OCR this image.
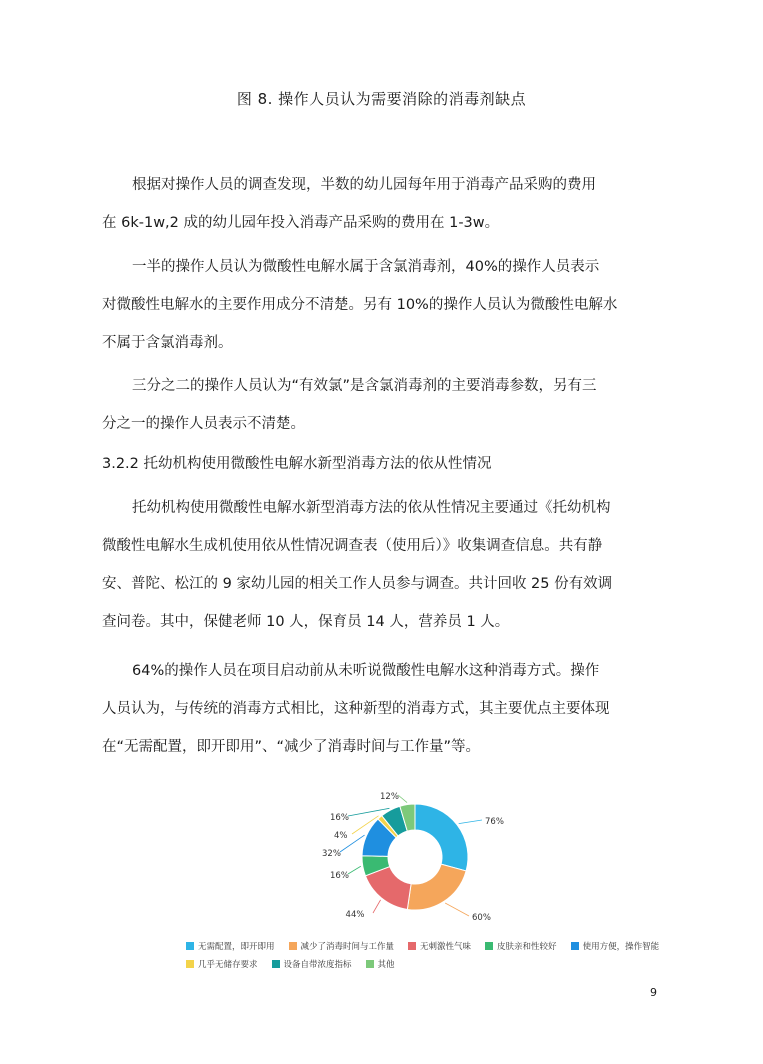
图 8. 操作人员认为需要消除的消毒剂缺点

根据对操作人员的调查发现，半数的幼儿园每年用于消毒产品采购的费用
在 6k-1w,2 成的幼儿园年投入消毒产品采购的费用在 1-3w。

一半的操作人员认为微酸性电解水属于含氯消毒剂，40%的操作人员表示
对微酸性电解水的主要作用成分不清楚。另有 10%的操作人员认为微酸性电解水
不属于含氯消毒剂。

三分之二的操作人员认为“有效氯”是含氯消毒剂的主要消毒参数，另有三
分之一的操作人员表示不清楚。

3.2.2 托幼机构使用微酸性电解水新型消毒方法的依从性情况

托幼机构使用微酸性电解水新型消毒方法的依从性情况主要通过《托幼机构
微酸性电解水生成机使用依从性情况调查表（使用后）》收集调查信息。共有静
安、普陀、松江的 9 家幼儿园的相关工作人员参与调查。共计回收 25 份有效调
查问卷。其中，保健老师 10 人，保育员 14 人，营养员 1 人。

64%的操作人员在项目启动前从未听说微酸性电解水这种消毒方式。操作
人员认为，与传统的消毒方式相比，这种新型的消毒方式，其主要优点主要体现
在“无需配置，即开即用”、“减少了消毒时间与工作量”等。

76%
60%
44%
16%
32%
4%
16%
12%
无需配置，即开即用	减少了消毒时间与工作量	无刺激性气味	皮肤亲和性较好	使用方便，操作智能
几乎无储存要求	设备自带浓度指标	其他
9
